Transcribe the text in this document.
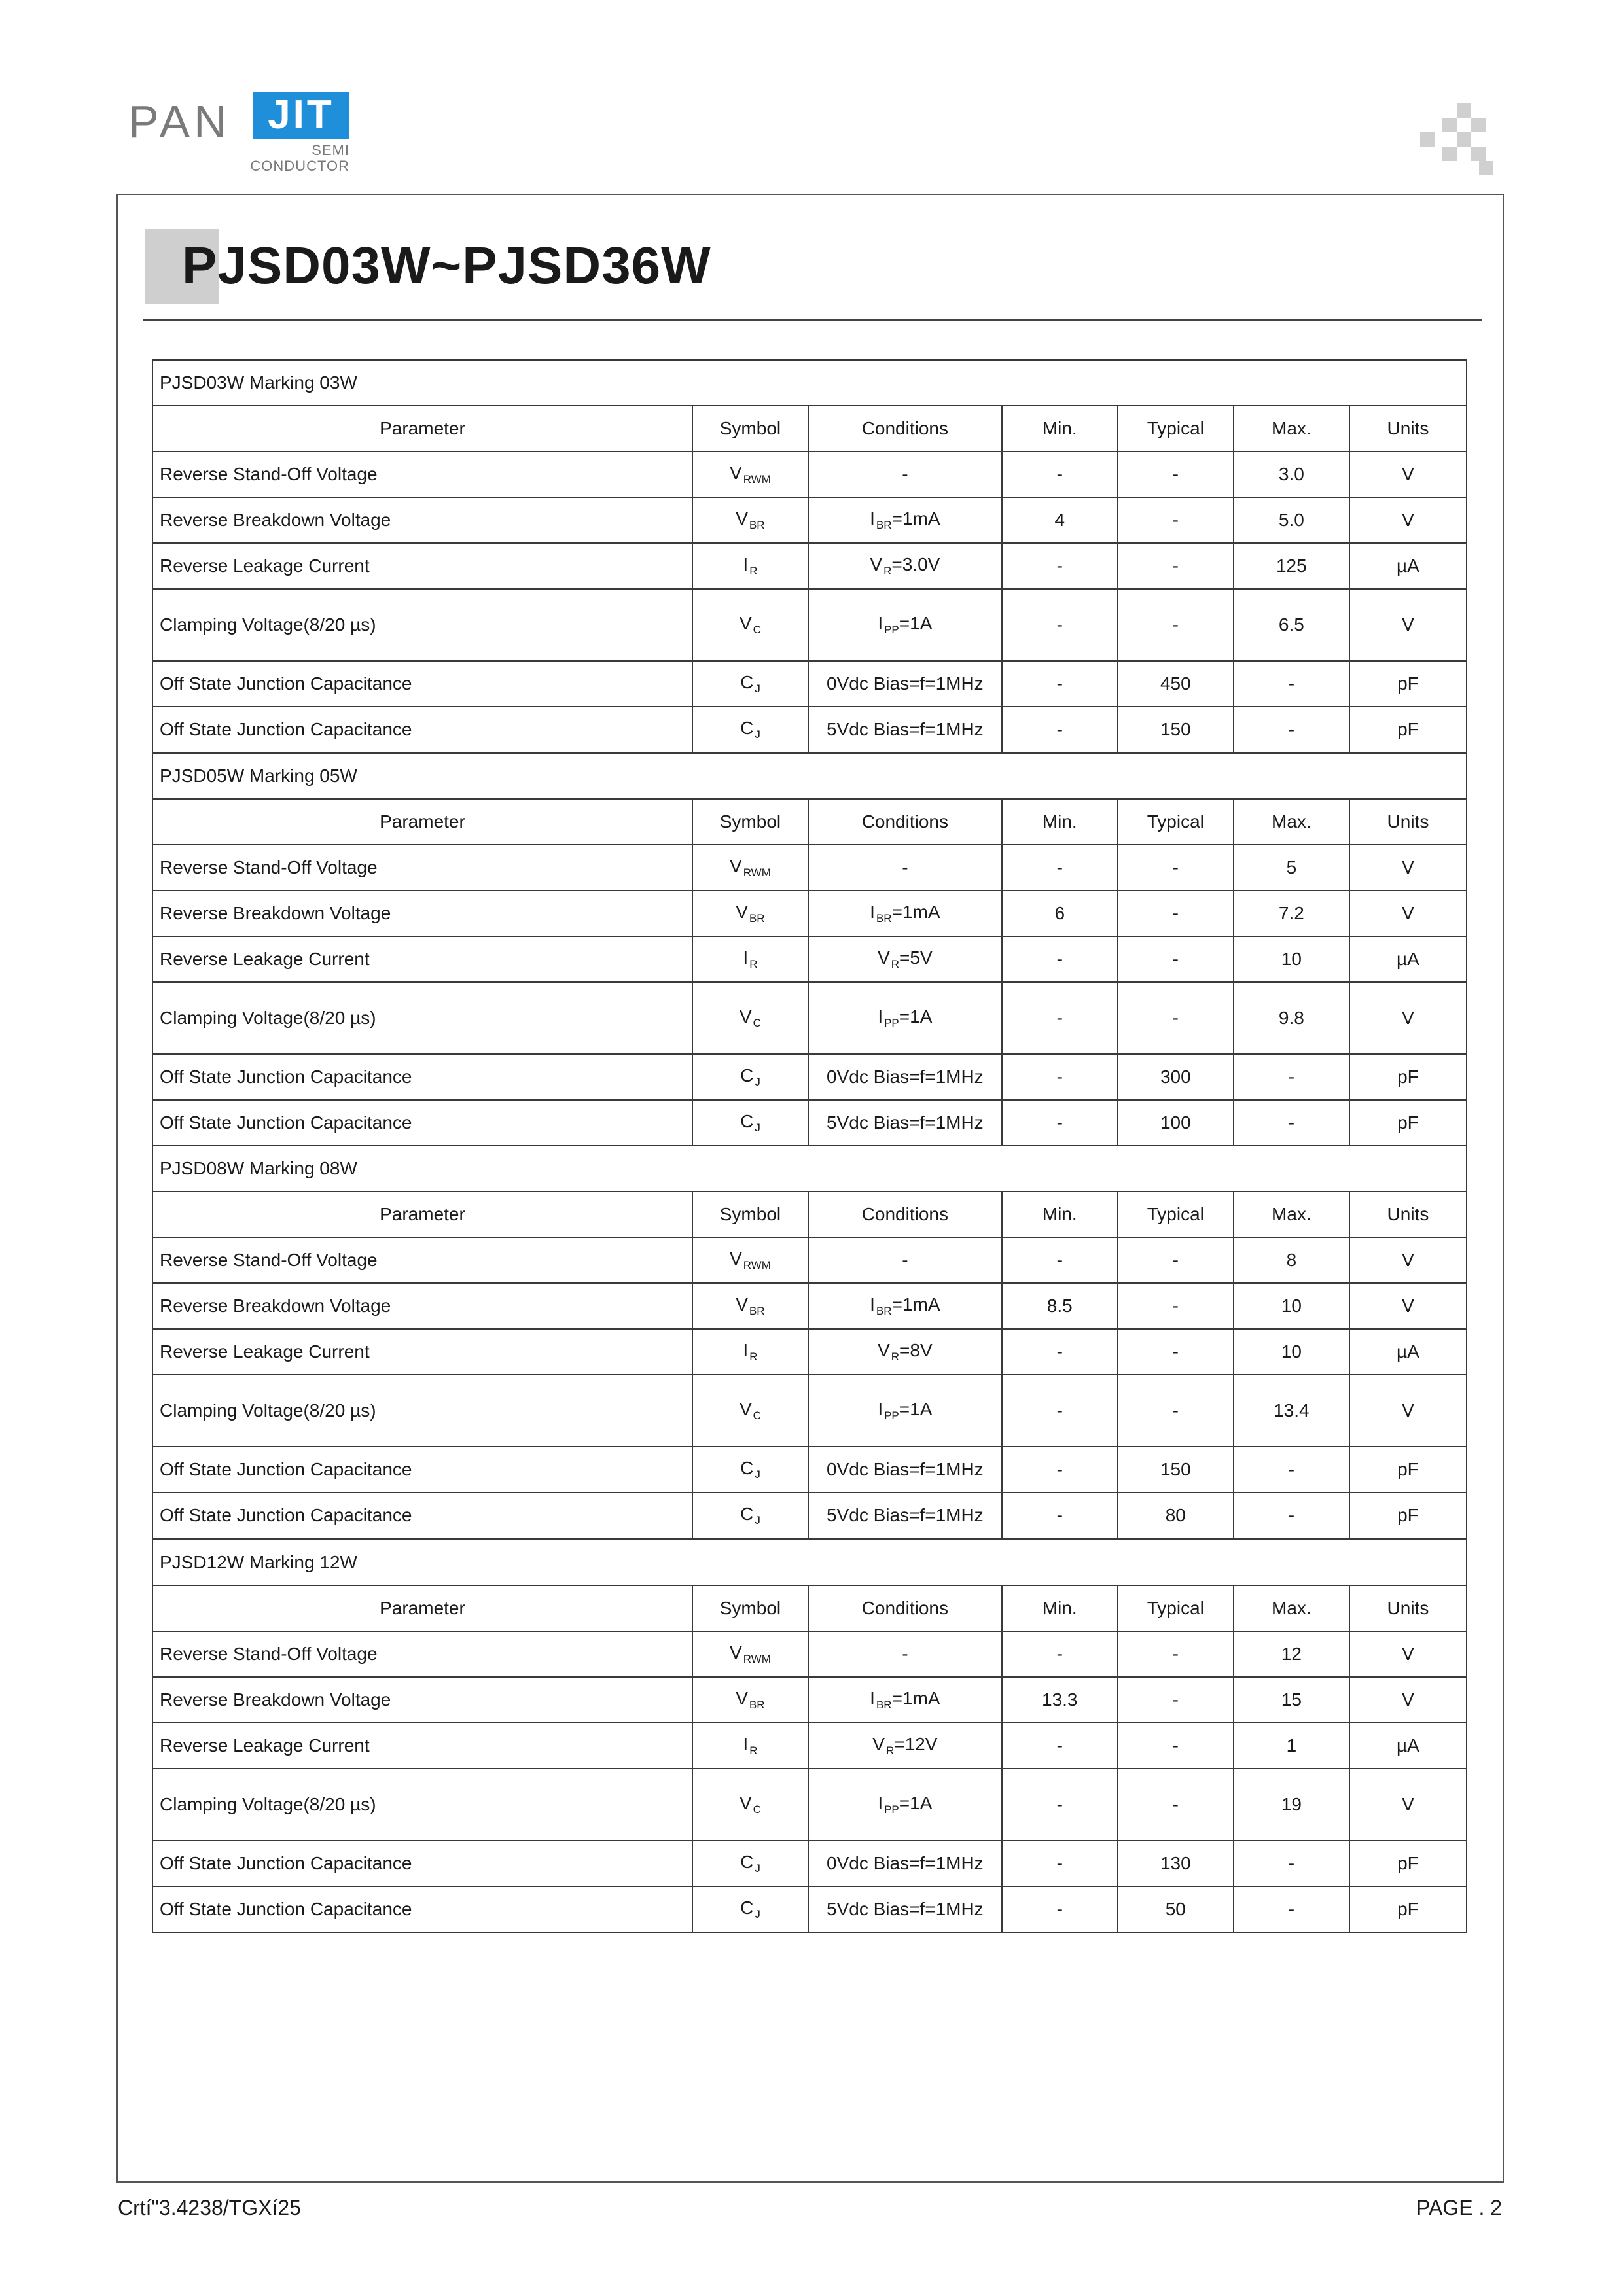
PAN JIT
SEMI
CONDUCTOR
PJSD03W~PJSD36W
PJSD03W Marking 03W						
Parameter	Symbol	Conditions	Min.	Typical	Max.	Units
Reverse Stand-Off Voltage	V $_{RWM}$	-	-	-	3.0	V
Reverse Breakdown Voltage	V $_{BR}$	I $_{BR}$=1mA	4	-	5.0	V
Reverse Leakage Current	I $_R$	V $_R$=3.0V	-	-	125	µA
Clamping Voltage(8/20 µs)	V $_C$	I $_{PP}$=1A	-	-	6.5	V
Off State Junction Capacitance	C $_J$	0Vdc Bias=f=1MHz	-	450	-	pF
Off State Junction Capacitance	C $_J$	5Vdc Bias=f=1MHz	-	150	-	pF
PJSD05W Marking 05W						
Parameter	Symbol	Conditions	Min.	Typical	Max.	Units
Reverse Stand-Off Voltage	V $_{RWM}$	-	-	-	5	V
Reverse Breakdown Voltage	V $_{BR}$	I $_{BR}$=1mA	6	-	7.2	V
Reverse Leakage Current	I $_R$	V $_R$=5V	-	-	10	µA
Clamping Voltage(8/20 µs)	V $_C$	I $_{PP}$=1A	-	-	9.8	V
Off State Junction Capacitance	C $_J$	0Vdc Bias=f=1MHz	-	300	-	pF
Off State Junction Capacitance	C $_J$	5Vdc Bias=f=1MHz	-	100	-	pF
PJSD08W Marking 08W						
Parameter	Symbol	Conditions	Min.	Typical	Max.	Units
Reverse Stand-Off Voltage	V $_{RWM}$	-	-	-	8	V
Reverse Breakdown Voltage	V $_{BR}$	I $_{BR}$=1mA	8.5	-	10	V
Reverse Leakage Current	I $_R$	V $_R$=8V	-	-	10	µA
Clamping Voltage(8/20 µs)	V $_C$	I $_{PP}$=1A	-	-	13.4	V
Off State Junction Capacitance	C $_J$	0Vdc Bias=f=1MHz	-	150	-	pF
Off State Junction Capacitance	C $_J$	5Vdc Bias=f=1MHz	-	80	-	pF
PJSD12W Marking 12W						
Parameter	Symbol	Conditions	Min.	Typical	Max.	Units
Reverse Stand-Off Voltage	V $_{RWM}$	-	-	-	12	V
Reverse Breakdown Voltage	V $_{BR}$	I $_{BR}$=1mA	13.3	-	15	V
Reverse Leakage Current	I $_R$	V $_R$=12V	-	-	1	µA
Clamping Voltage(8/20 µs)	V $_C$	I $_{PP}$=1A	-	-	19	V
Off State Junction Capacitance	C $_J$	0Vdc Bias=f=1MHz	-	130	-	pF
Off State Junction Capacitance	C $_J$	5Vdc Bias=f=1MHz	-	50	-	pF
Crtí"3.4238/TGXí25	PAGE . 2
